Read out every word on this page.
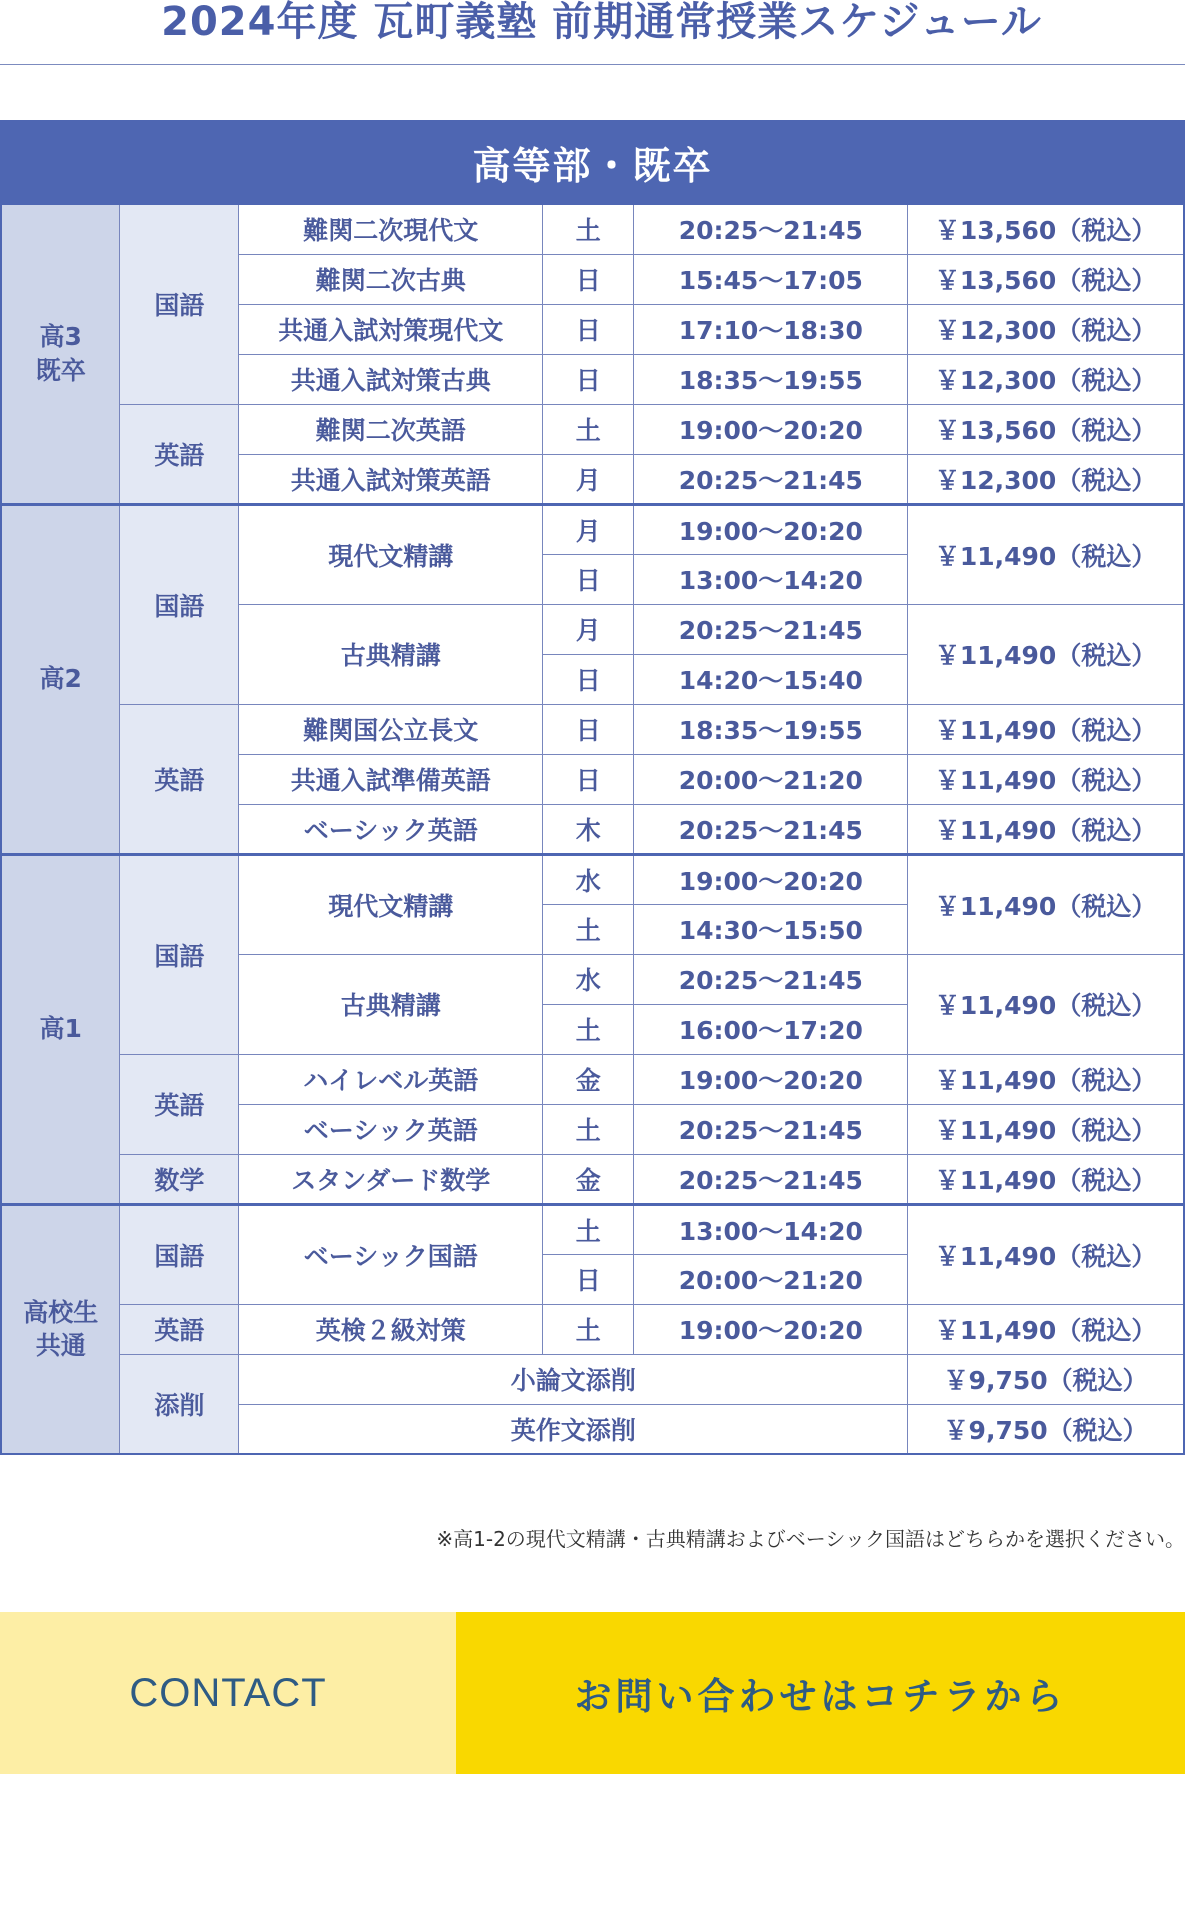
2024年度 瓦町義塾 前期通常授業スケジュール
高等部・既卒					
高3
既卒	国語	難関二次現代文	土	20:25～21:45	￥13,560（税込）
		難関二次古典	日	15:45～17:05	￥13,560（税込）
		共通入試対策現代文	日	17:10～18:30	￥12,300（税込）
		共通入試対策古典	日	18:35～19:55	￥12,300（税込）
	英語	難関二次英語	土	19:00～20:20	￥13,560（税込）
		共通入試対策英語	月	20:25～21:45	￥12,300（税込）
高2	国語	現代文精講	月	19:00～20:20	￥11,490（税込）
			日	13:00～14:20	
		古典精講	月	20:25～21:45	￥11,490（税込）
			日	14:20～15:40	
	英語	難関国公立長文	日	18:35～19:55	￥11,490（税込）
		共通入試準備英語	日	20:00～21:20	￥11,490（税込）
		ベーシック英語	木	20:25～21:45	￥11,490（税込）
高1	国語	現代文精講	水	19:00～20:20	￥11,490（税込）
			土	14:30～15:50	
		古典精講	水	20:25～21:45	￥11,490（税込）
			土	16:00～17:20	
	英語	ハイレベル英語	金	19:00～20:20	￥11,490（税込）
		ベーシック英語	土	20:25～21:45	￥11,490（税込）
	数学	スタンダード数学	金	20:25～21:45	￥11,490（税込）
高校生
共通	国語	ベーシック国語	土	13:00～14:20	￥11,490（税込）
			日	20:00～21:20	
	英語	英検２級対策	土	19:00～20:20	￥11,490（税込）
	添削	小論文添削			￥9,750（税込）
		英作文添削			￥9,750（税込）
※高1-2の現代文精講・古典精講およびベーシック国語はどちらかを選択ください。
CONTACT	お問い合わせはコチラから
